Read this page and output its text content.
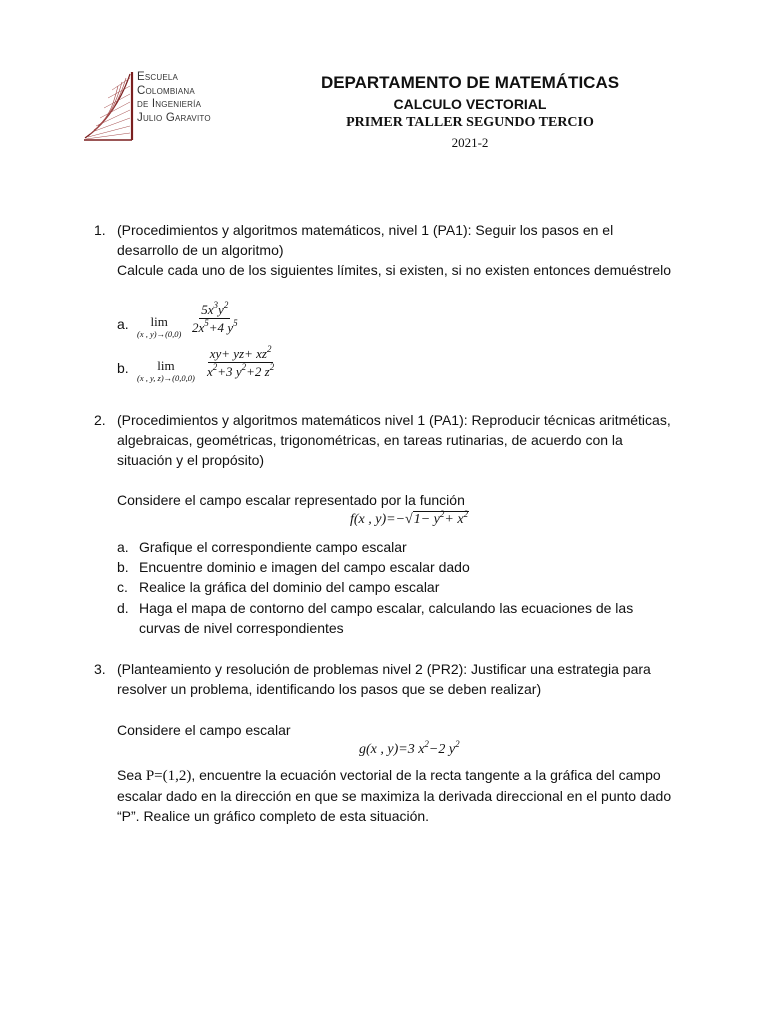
Escuela
Colombiana
de Ingeniería
Julio Garavito
DEPARTAMENTO DE MATEMÁTICAS
CALCULO VECTORIAL
PRIMER TALLER SEGUNDO TERCIO
2021-2
1. (Procedimientos y algoritmos matemáticos, nivel 1 (PA1): Seguir los pasos en el
desarrollo de un algoritmo)
Calcule cada uno de los siguientes límites, si existen, si no existen entonces demuéstrelo
a.	lim
(x , $y)\to(0,0) \frac{5x^3y^2}{2x^5+4 y^5}$
b.	lim
(x , y, $z)\to(0,0,0) \frac{xy+ yz+ xz^2}{x^2+3 y^2+2 z^2}$
2. (Procedimientos y algoritmos matemáticos nivel 1 (PA1): Reproducir técnicas aritméticas,
algebraicas, geométricas, trigonométricas, en tareas rutinarias, de acuerdo con la
situación y el propósito)
Considere el campo escalar representado por la función
f(x , $y)=-√1- y^2+ x^2$
a. Grafique el correspondiente campo escalar
b. Encuentre dominio e imagen del campo escalar dado
c. Realice la gráfica del dominio del campo escalar
d. Haga el mapa de contorno del campo escalar, calculando las ecuaciones de las
curvas de nivel correspondientes
3. (Planteamiento y resolución de problemas nivel 2 (PR2): Justificar una estrategia para
resolver un problema, identificando los pasos que se deben realizar)
Considere el campo escalar
g(x , y)=3 $x^2-2$ $y^2$
Sea P=(1,2), encuentre la ecuación vectorial de la recta tangente a la gráfica del campo
escalar dado en la dirección en que se maximiza la derivada direccional en el punto dado
“P”. Realice un gráfico completo de esta situación.
